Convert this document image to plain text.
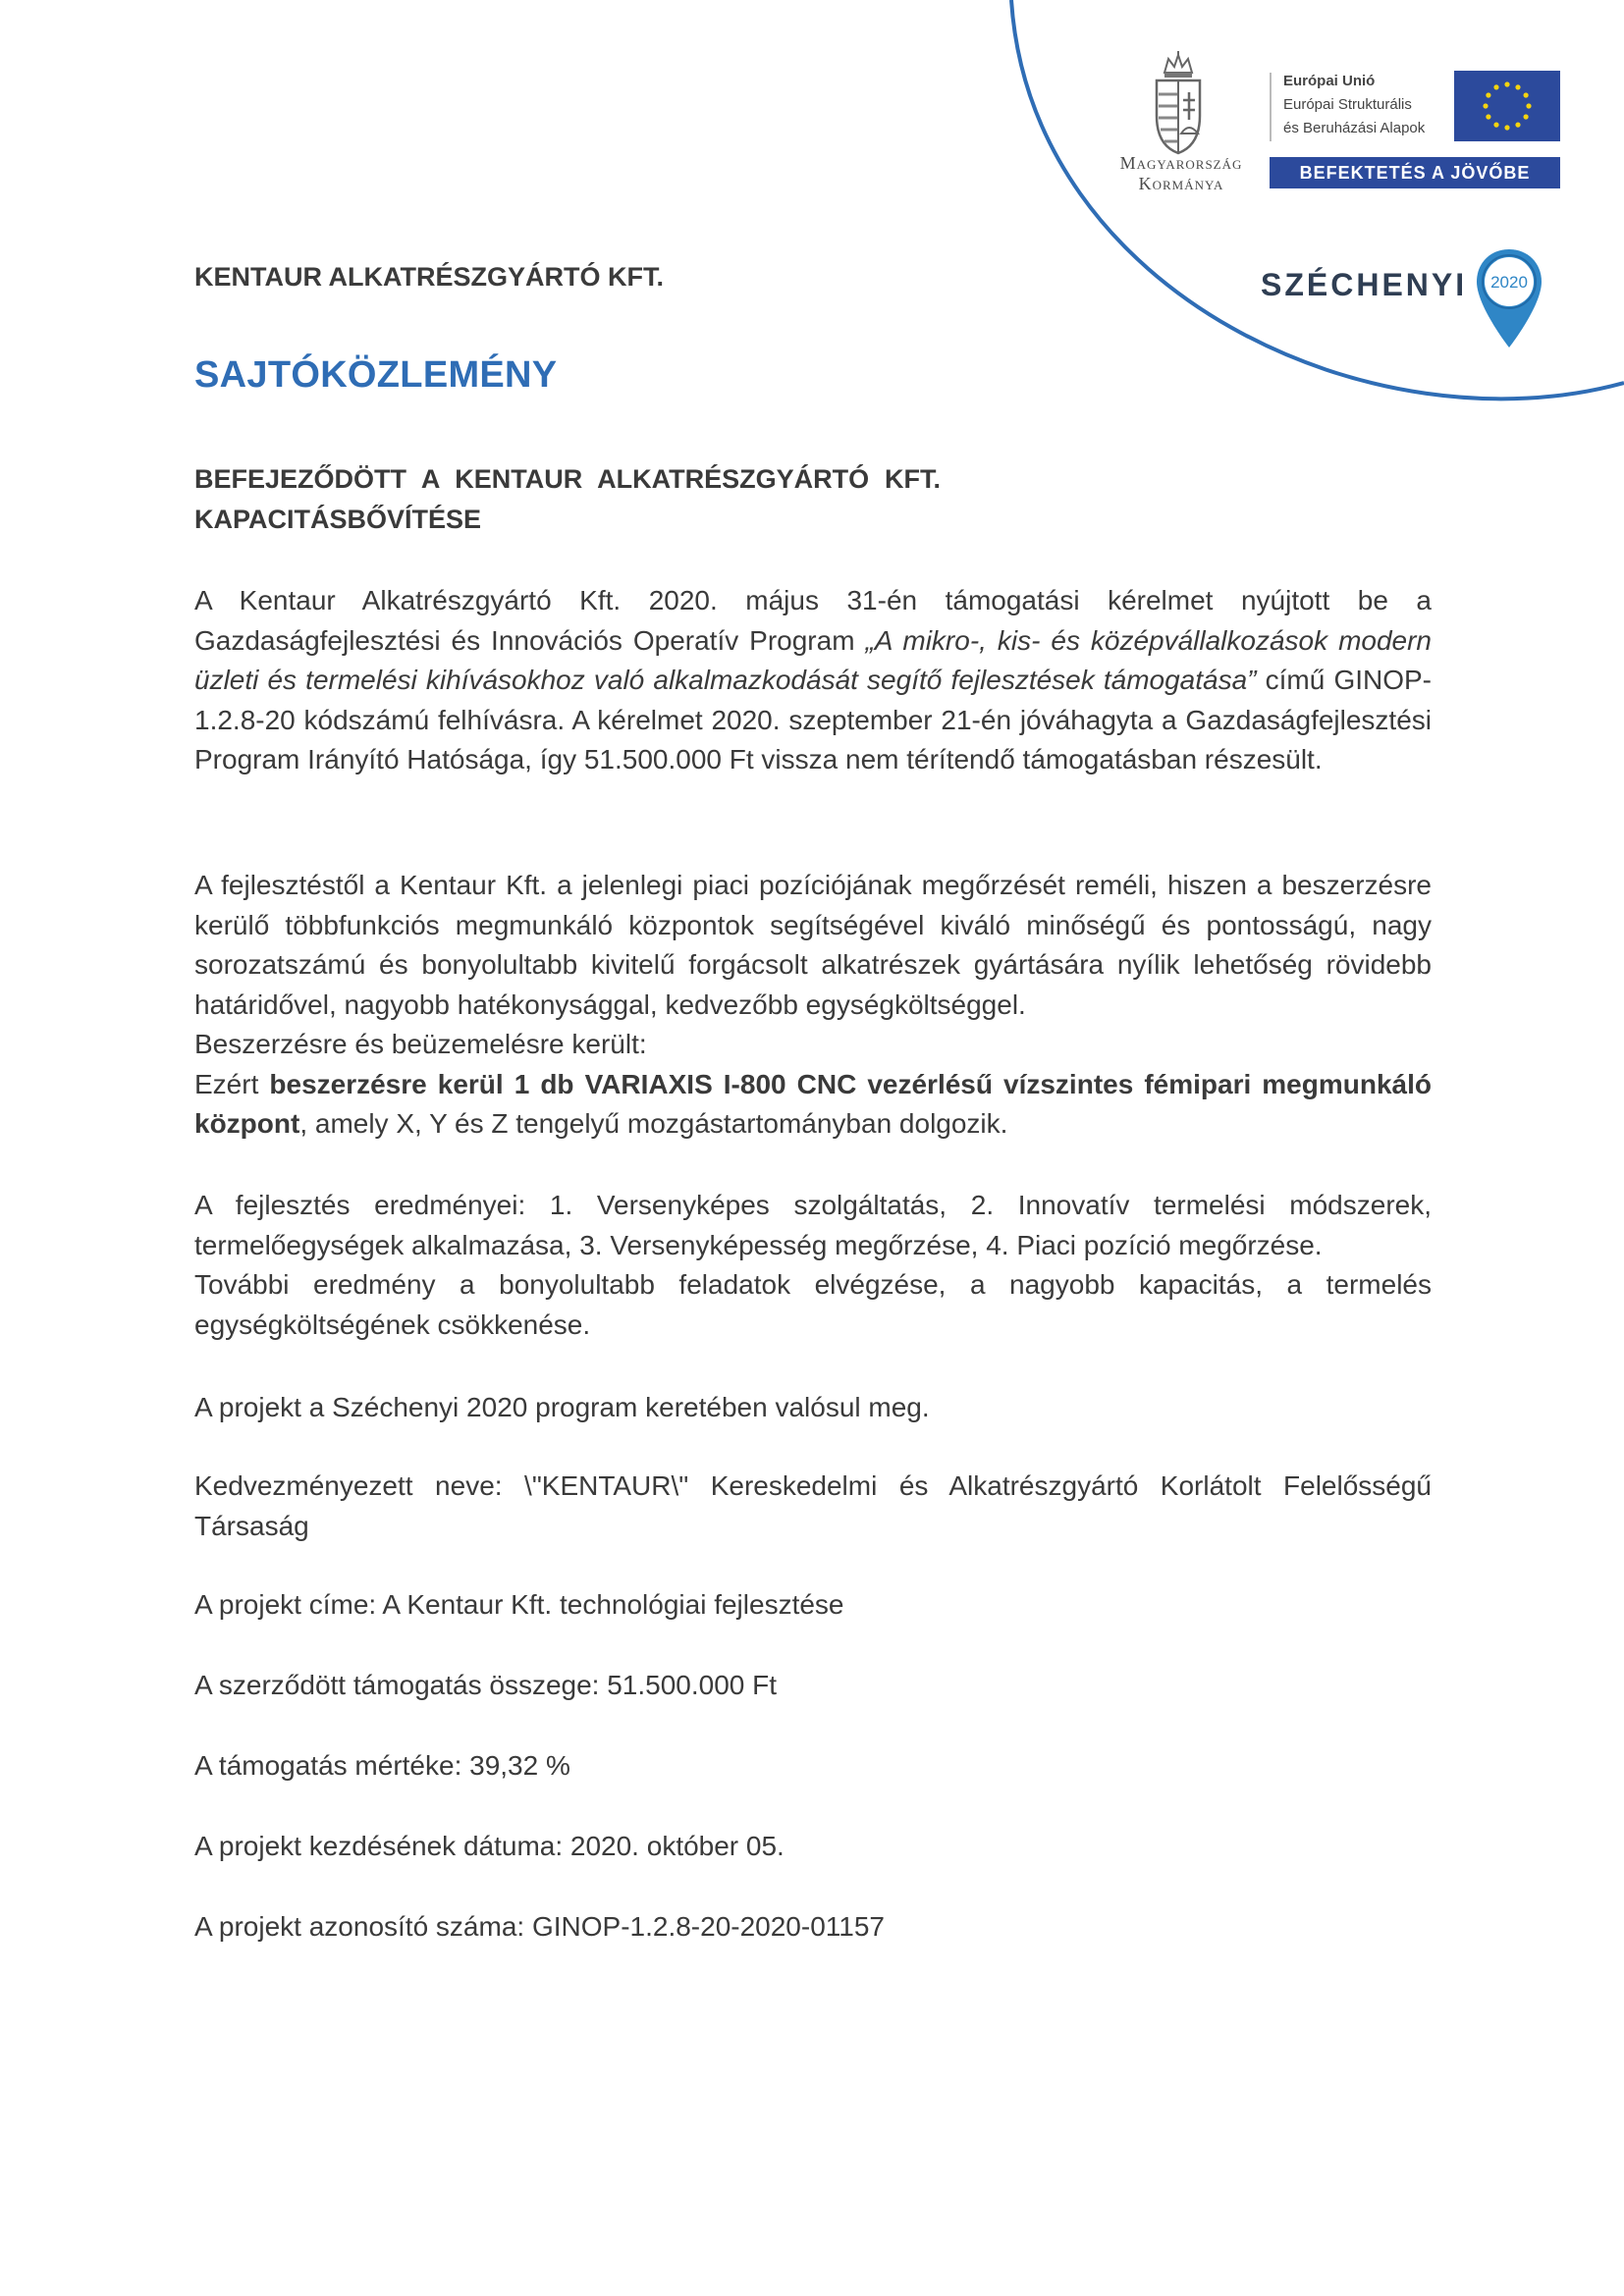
Magyarország
Kormánya
Európai Unió
Európai Strukturális
és Beruházási Alapok
BEFEKTETÉS A JÖVŐBE
SZÉCHENYI 2020
KENTAUR ALKATRÉSZGYÁRTÓ KFT.
SAJTÓKÖZLEMÉNY
BEFEJEZŐDÖTT A KENTAUR ALKATRÉSZGYÁRTÓ KFT. KAPACITÁSBŐVÍTÉSE
A Kentaur Alkatrészgyártó Kft. 2020. május 31-én támogatási kérelmet nyújtott be a Gazdaságfejlesztési és Innovációs Operatív Program „A mikro-, kis- és középvállalkozások modern üzleti és termelési kihívásokhoz való alkalmazkodását segítő fejlesztések támogatása” című GINOP-1.2.8-20 kódszámú felhívásra. A kérelmet 2020. szeptember 21-én jóváhagyta a Gazdaságfejlesztési Program Irányító Hatósága, így 51.500.000 Ft vissza nem térítendő támogatásban részesült.
A fejlesztéstől a Kentaur Kft. a jelenlegi piaci pozíciójának megőrzését reméli, hiszen a beszerzésre kerülő többfunkciós megmunkáló központok segítségével kiváló minőségű és pontosságú, nagy sorozatszámú és bonyolultabb kivitelű forgácsolt alkatrészek gyártására nyílik lehetőség rövidebb határidővel, nagyobb hatékonysággal, kedvezőbb egységköltséggel.
Beszerzésre és beüzemelésre került:
Ezért beszerzésre kerül 1 db VARIAXIS I-800 CNC vezérlésű vízszintes fémipari megmunkáló központ, amely X, Y és Z tengelyű mozgástartományban dolgozik.
A fejlesztés eredményei: 1. Versenyképes szolgáltatás, 2. Innovatív termelési módszerek, termelőegységek alkalmazása, 3. Versenyképesség megőrzése, 4. Piaci pozíció megőrzése.
További eredmény a bonyolultabb feladatok elvégzése, a nagyobb kapacitás, a termelés egységköltségének csökkenése.
A projekt a Széchenyi 2020 program keretében valósul meg.
Kedvezményezett neve: \"KENTAUR\" Kereskedelmi és Alkatrészgyártó Korlátolt Felelősségű Társaság
A projekt címe: A Kentaur Kft. technológiai fejlesztése
A szerződött támogatás összege: 51.500.000 Ft
A támogatás mértéke: 39,32 %
A projekt kezdésének dátuma: 2020. október 05.
A projekt azonosító száma: GINOP-1.2.8-20-2020-01157
